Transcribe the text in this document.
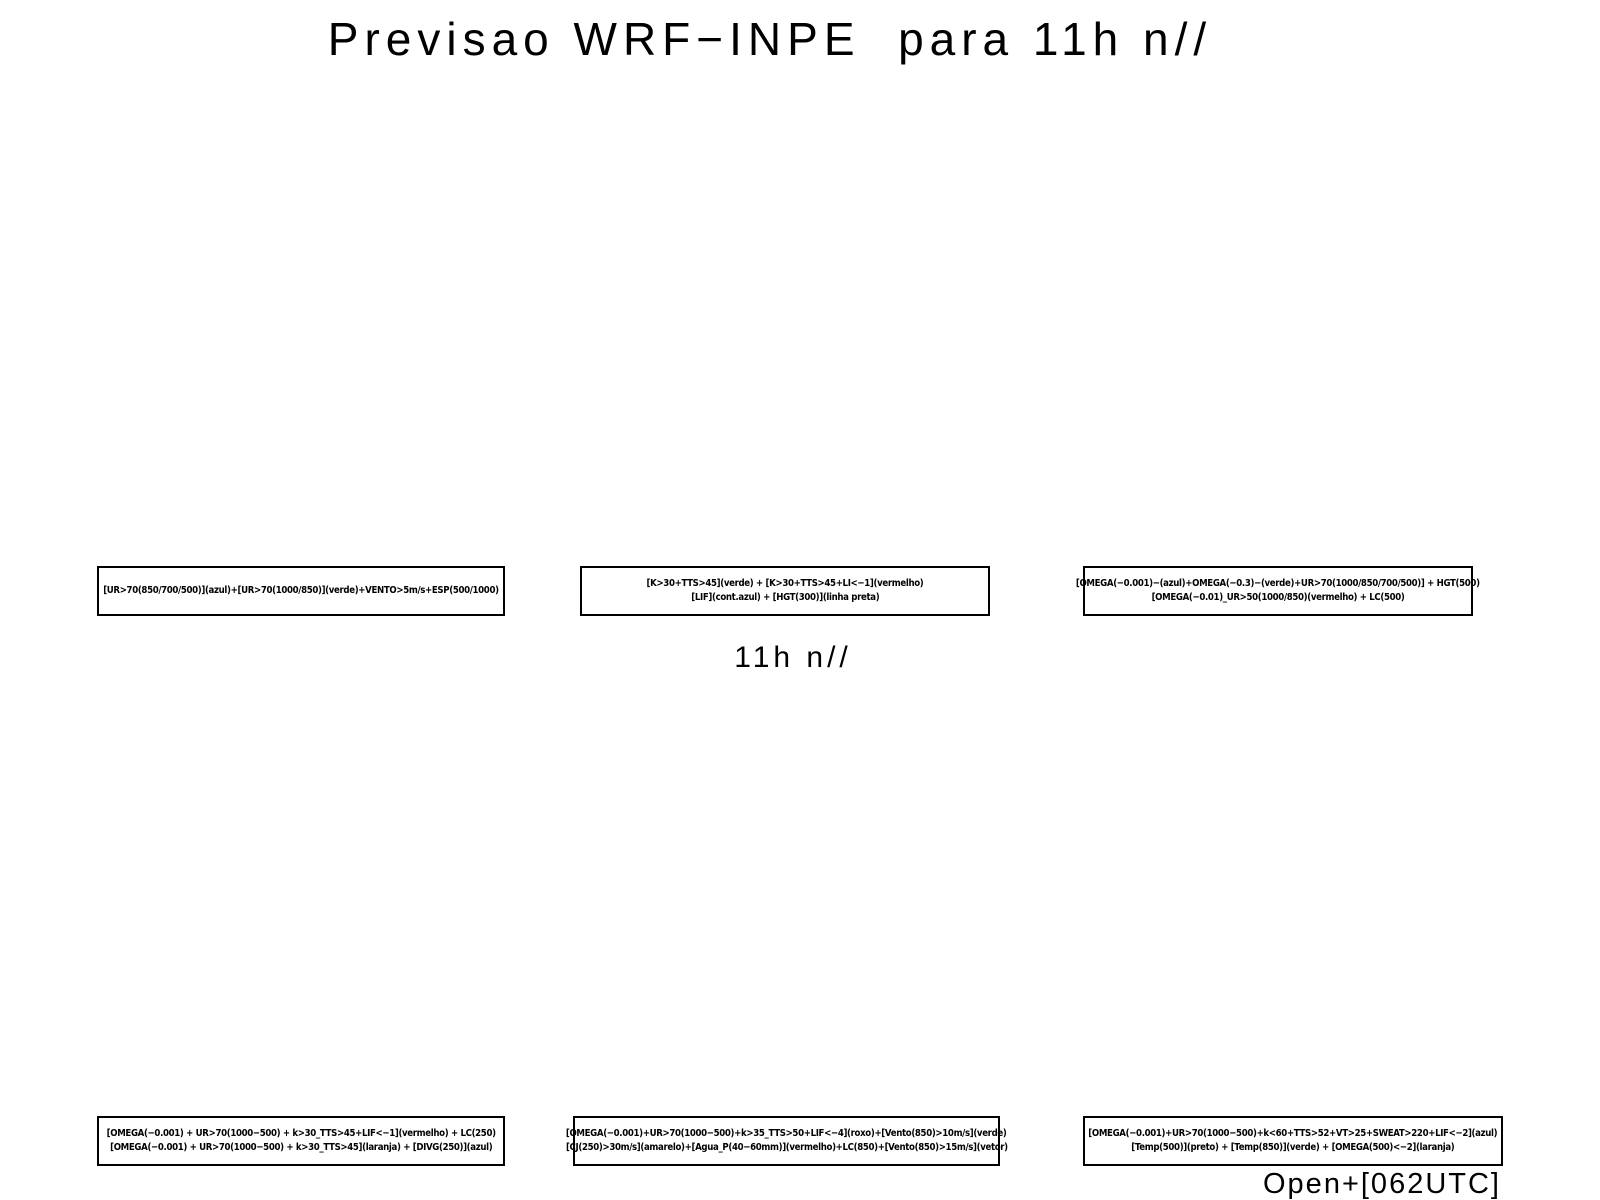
Previsao WRF−INPE  para 11h n//
[UR>70(850/700/500)](azul)+[UR>70(1000/850)](verde)+VENTO>5m/s+ESP(500/1000)
[K>30+TTS>45](verde) + [K>30+TTS>45+LI<−1](vermelho)
[LIF](cont.azul) + [HGT(300)](linha preta)
[OMEGA(−0.001)−(azul)+OMEGA(−0.3)−(verde)+UR>70(1000/850/700/500)] + HGT(500)
[OMEGA(−0.01)_UR>50(1000/850)(vermelho) + LC(500)
11h n//
[OMEGA(−0.001) + UR>70(1000−500) + k>30_TTS>45+LIF<−1](vermelho) + LC(250)
[OMEGA(−0.001) + UR>70(1000−500) + k>30_TTS>45](laranja) + [DIVG(250)](azul)
[OMEGA(−0.001)+UR>70(1000−500)+k>35_TTS>50+LIF<−4](roxo)+[Vento(850)>10m/s](verde)
[CJ(250)>30m/s](amarelo)+[Agua_P(40−60mm)](vermelho)+LC(850)+[Vento(850)>15m/s](vetor)
[OMEGA(−0.001)+UR>70(1000−500)+k<60+TTS>52+VT>25+SWEAT>220+LIF<−2](azul)
[Temp(500)](preto) + [Temp(850)](verde) + [OMEGA(500)<−2](laranja)
Open+[062UTC]
